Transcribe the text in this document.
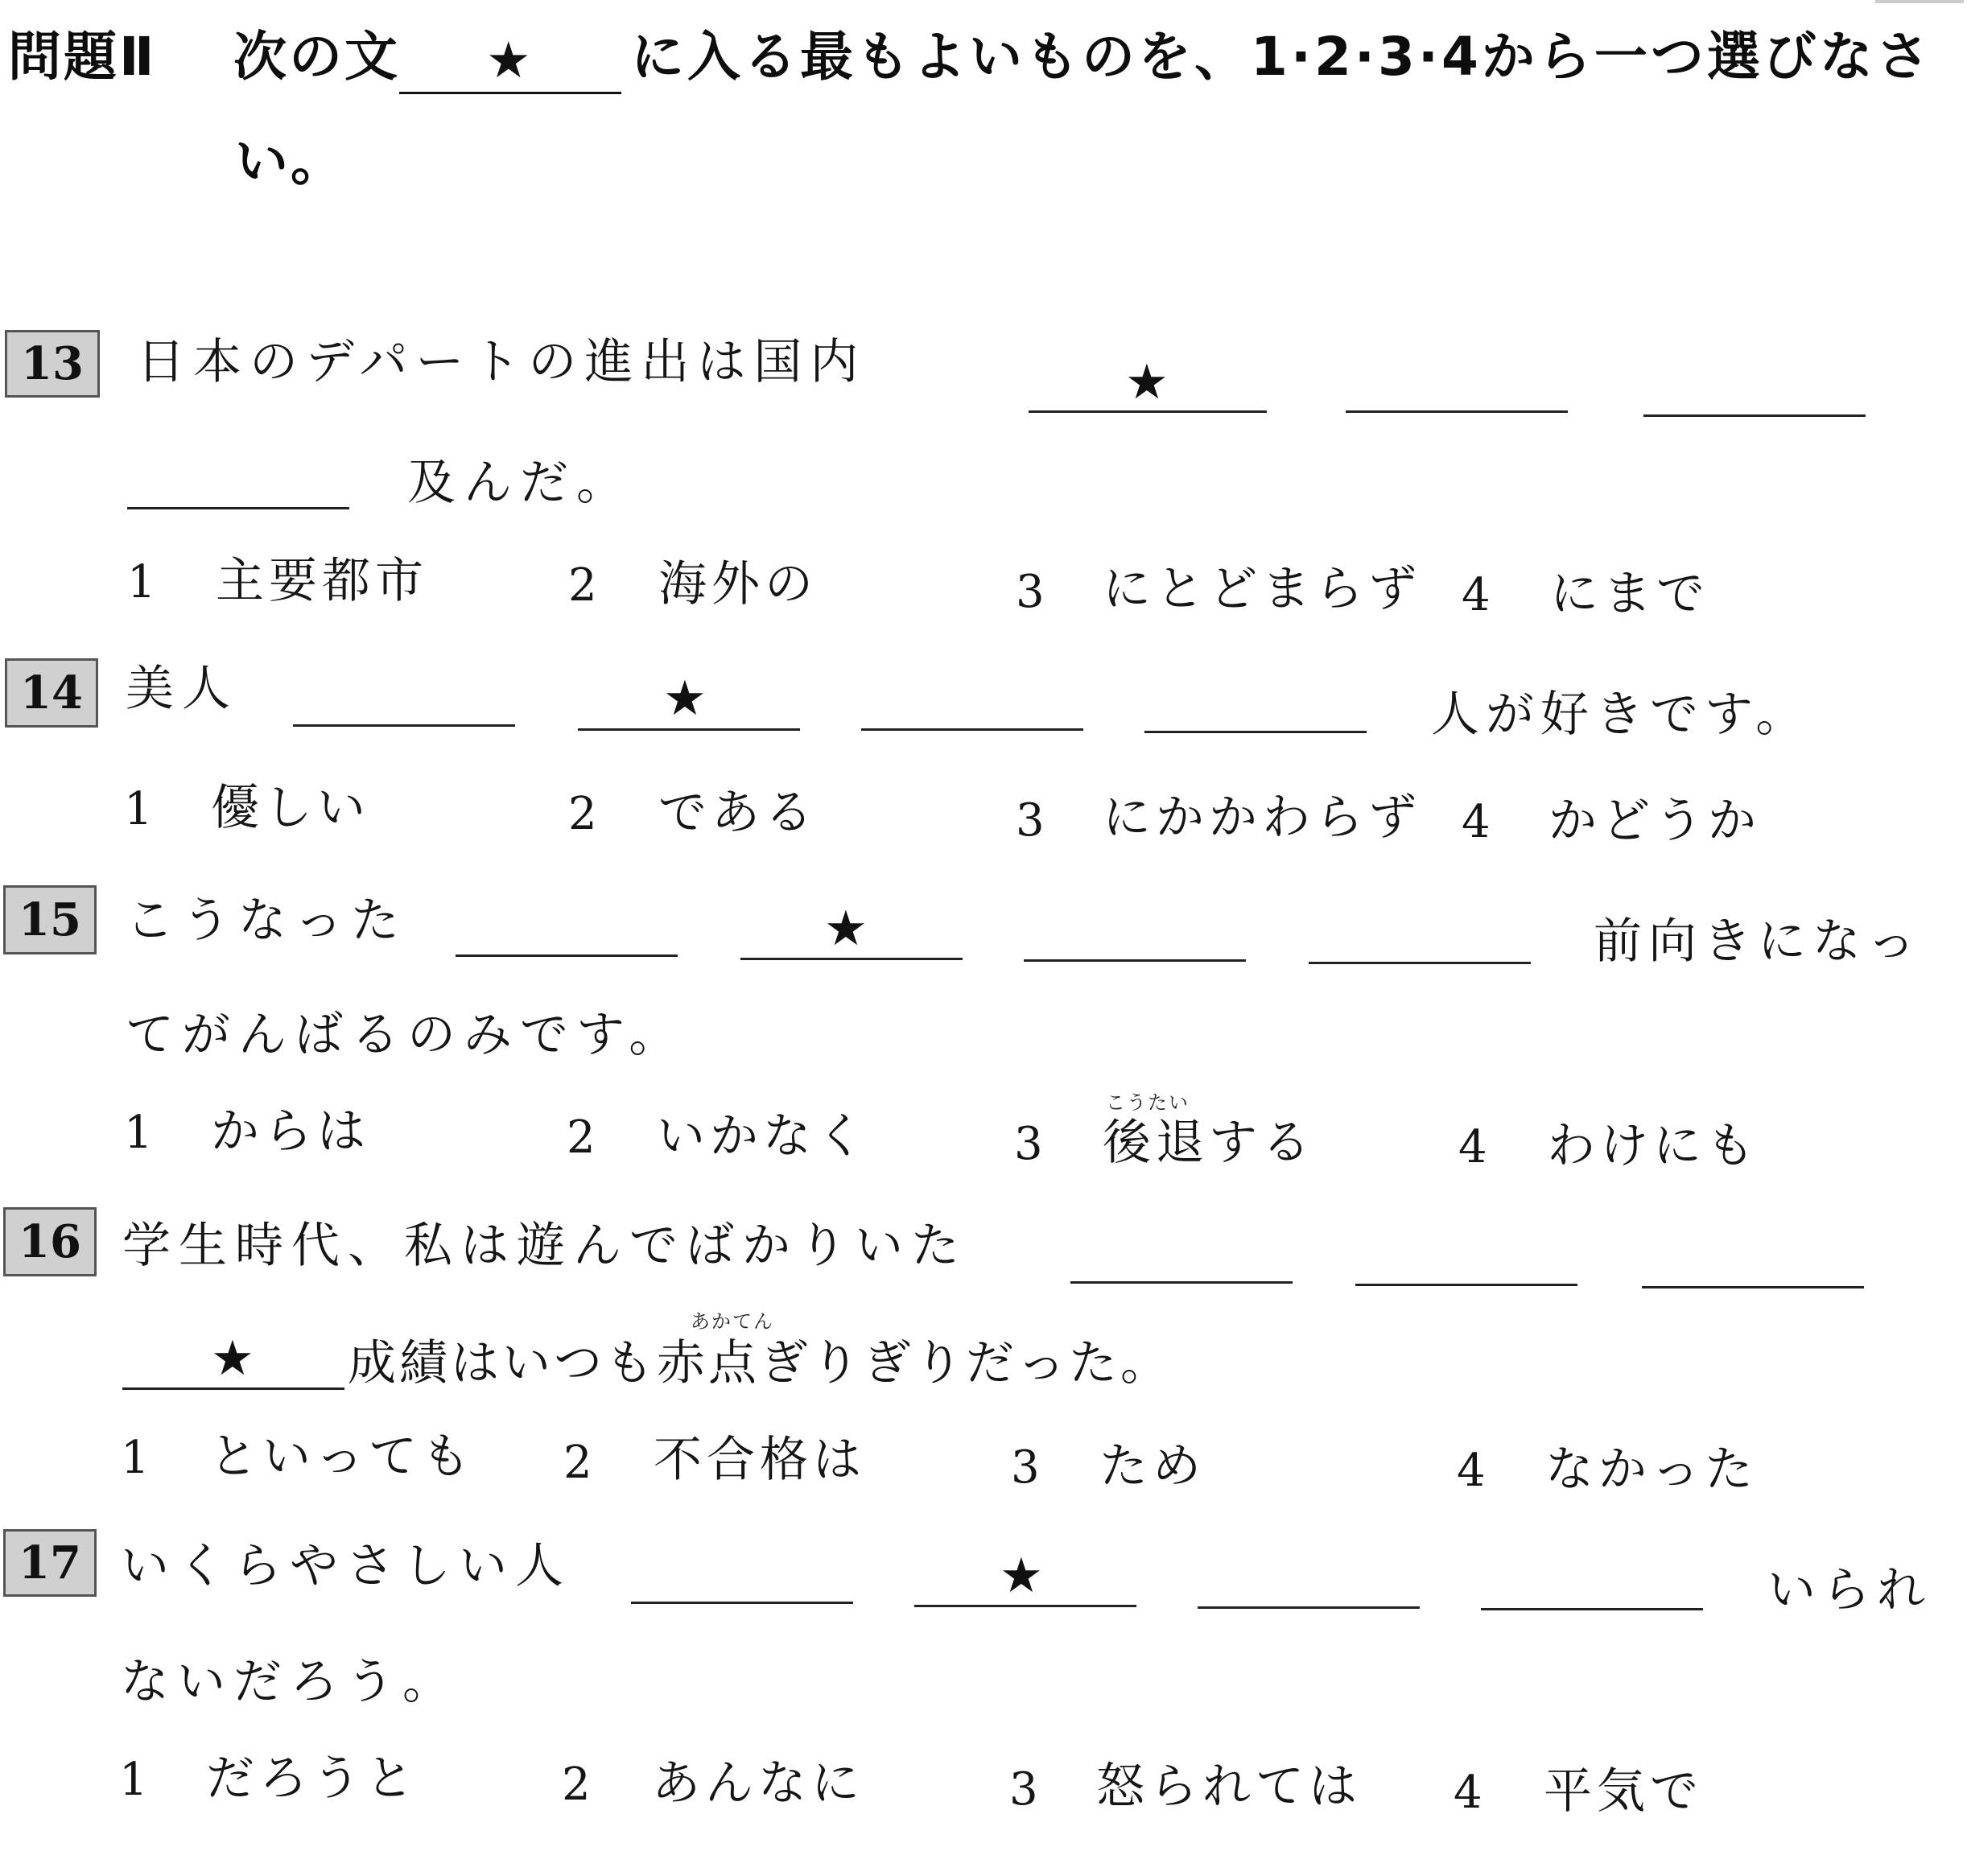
問題Ⅱ 次の文 ★ に入る最もよいものを、1·2·3·4から一つ選びなさ
い。
13	日本のデパートの進出は国内	★
及んだ。
1 主要都市	2 海外の	3 にとどまらず 4 にまで
14 美人	★	人が好きです。
1 優しい	2 である	3 にかかわらず 4 かどうか
15 こうなった	★	前向きになっ
てがんばるのみです。
1 からは	2 いかなく	3
こうたい
後退する	4 わけにも
16 学生時代、私は遊んでばかりいた
★
あかてん
成績はいつも赤点ぎりぎりだった。
1 といっても 2 不合格は	3 ため	4 なかった
17 いくらやさしい人	★	いられ
ないだろう。
1 だろうと	2 あんなに	3 怒られては 4 平気で
